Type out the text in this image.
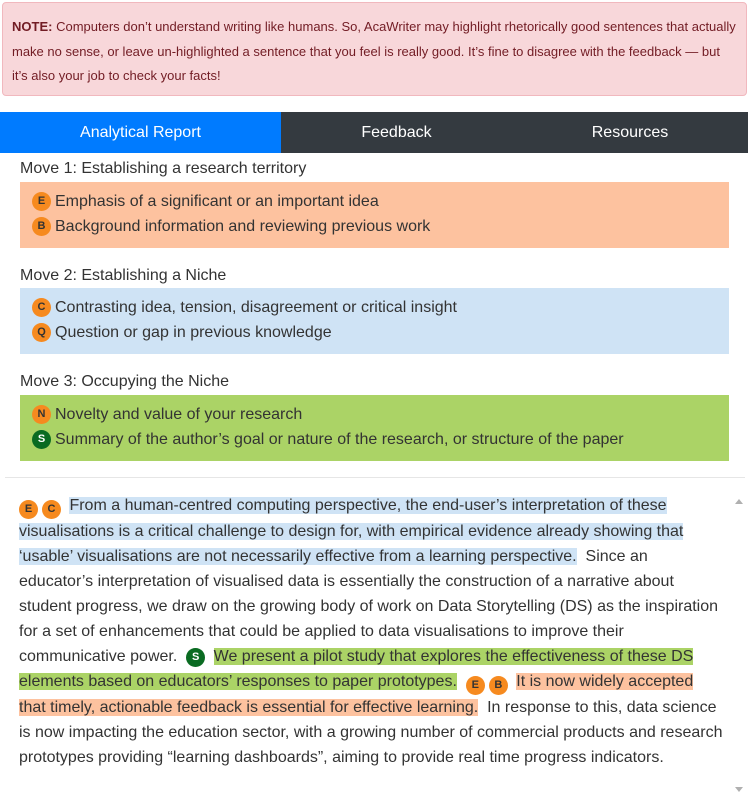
NOTE: Computers don’t understand writing like humans. So, AcaWriter may highlight rhetorically good sentences that actually make no sense, or leave un-highlighted a sentence that you feel is really good. It’s fine to disagree with the feedback — but it’s also your job to check your facts!
Analytical Report	Feedback	Resources
Move 1: Establishing a research territory
E Emphasis of a significant or an important idea
B Background information and reviewing previous work
Move 2: Establishing a Niche
C Contrasting idea, tension, disagreement or critical insight
Q Question or gap in previous knowledge
Move 3: Occupying the Niche
N Novelty and value of your research
S Summary of the author’s goal or nature of the research, or structure of the paper
E	C From a human-centred computing perspective, the end-user’s interpretation of these visualisations is a critical challenge to design for, with empirical evidence already showing that ‘usable’ visualisations are not necessarily effective from a learning perspective. Since an educator’s interpretation of visualised data is essentially the construction of a narrative about student progress, we draw on the growing body of work on Data Storytelling (DS) as the inspiration for a set of enhancements that could be applied to data visualisations to improve their communicative power. S We present a pilot study that explores the effectiveness of these DS elements based on educators’ responses to paper prototypes.	E	B It is now widely accepted that timely, actionable feedback is essential for effective learning. In response to this, data science is now impacting the education sector, with a growing number of commercial products and research prototypes providing “learning dashboards”, aiming to provide real time progress indicators.
